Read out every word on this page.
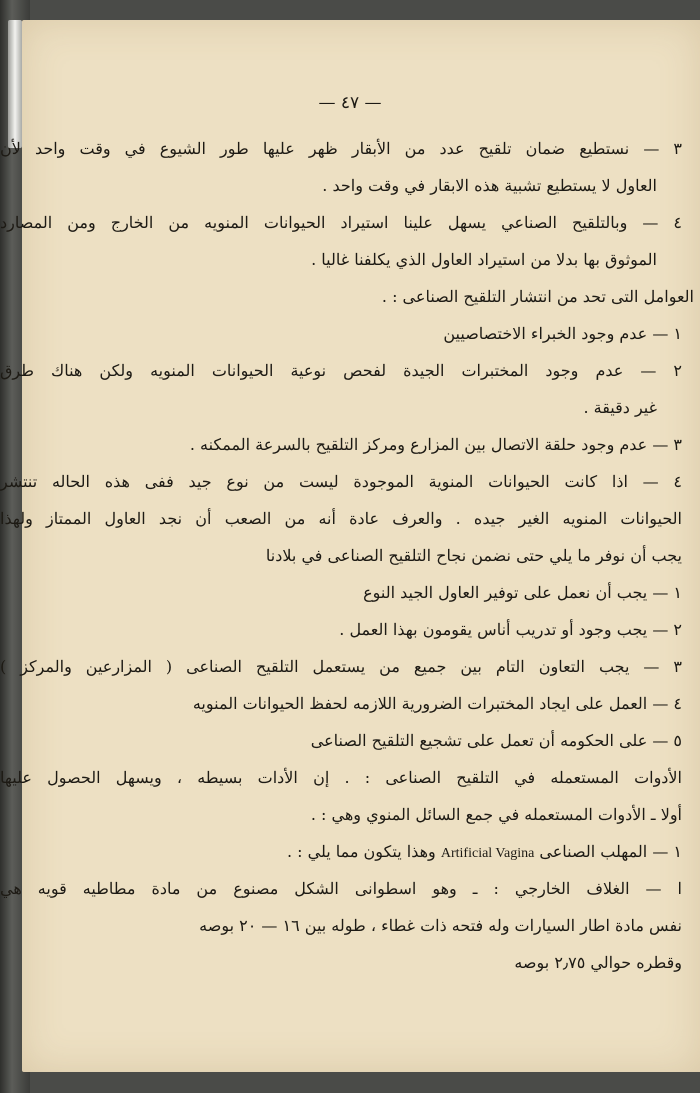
— ٤٧ —
٣ — نستطيع ضمان تلقيح عدد من الأبقار ظهر عليها طور الشيوع في وقت واحد لأن
العاول لا يستطيع تشبية هذه الابقار في وقت واحد .
٤ — وبالتلقيح الصناعي يسهل علينا استيراد الحيوانات المنويه من الخارج ومن المصارد
الموثوق بها بدلا من استيراد العاول الذي يكلفنا غاليا .
العوامل التى تحد من انتشار التلقيح الصناعى : .
١ — عدم وجود الخبراء الاختصاصيين
٢ — عدم وجود المختبرات الجيدة لفحص نوعية الحيوانات المنويه ولكن هناك طرق
غير دقيقة .
٣ — عدم وجود حلقة الاتصال بين المزارع ومركز التلقيح بالسرعة الممكنه .
٤ — اذا كانت الحيوانات المنوية الموجودة ليست من نوع جيد ففى هذه الحاله تنتشر
الحيوانات المنويه الغير جيده . والعرف عادة أنه من الصعب أن نجد العاول الممتاز ولهذا
يجب أن نوفر ما يلي حتى نضمن نجاح التلقيح الصناعى في بلادنا
١ — يجب أن نعمل على توفير العاول الجيد النوع
٢ — يجب وجود أو تدريب أناس يقومون بهذا العمل .
٣ — يجب التعاون التام بين جميع من يستعمل التلقيح الصناعى ( المزارعين والمركز )
٤ — العمل على ايجاد المختبرات الضرورية اللازمه لحفظ الحيوانات المنويه
٥ — على الحكومه أن تعمل على تشجيع التلقيح الصناعى
الأدوات المستعمله في التلقيح الصناعى : . إن الأدات بسيطه ، ويسهل الحصول عليها
أولا ـ الأدوات المستعمله في جمع السائل المنوي وهي : .
١ — المهلب الصناعى Artificial Vagina وهذا يتكون مما يلي : .
ا — الغلاف الخارجي : ـ وهو اسطوانى الشكل مصنوع من مادة مطاطيه قويه هي
نفس مادة اطار السيارات وله فتحه ذات غطاء ، طوله بين ١٦ — ٢٠ بوصه
وقطره حوالي ٢٫٧٥ بوصه
